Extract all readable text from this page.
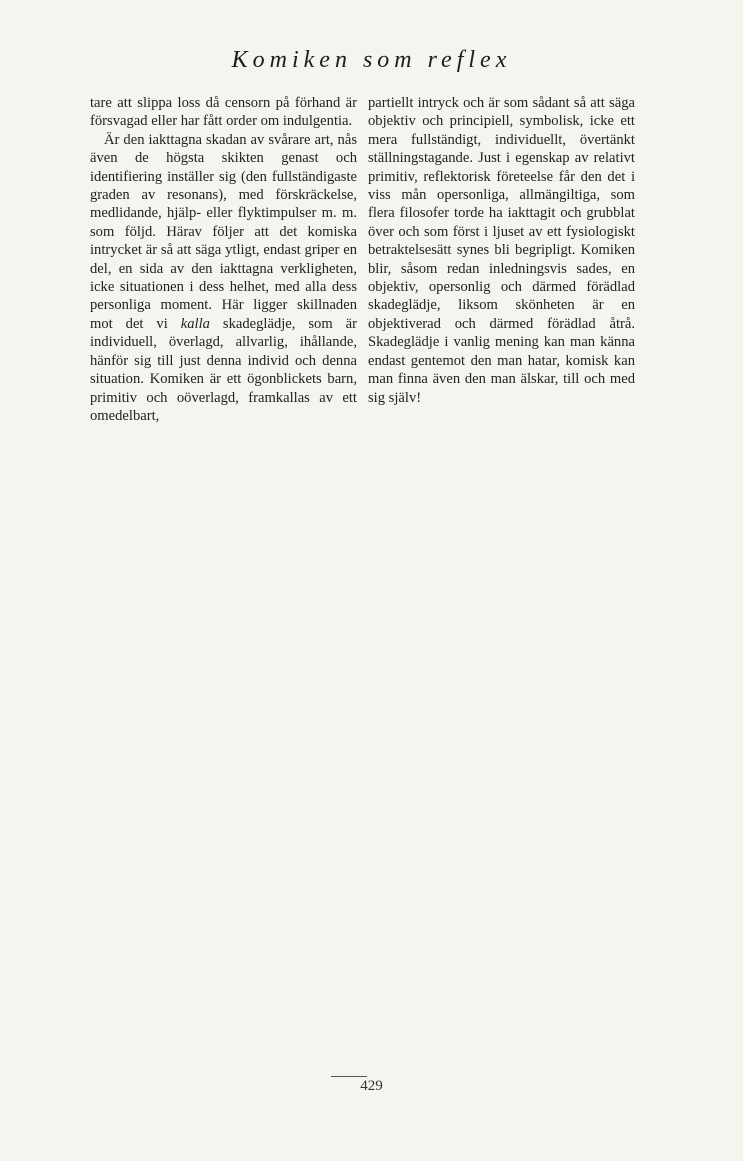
Komiken som reflex

tare att slippa loss då censorn på förhand är försvagad eller har fått order om indulgentia.

Är den iakttagna skadan av svårare art, nås även de högsta skikten genast och identifiering inställer sig (den fullständigaste graden av resonans), med förskräckelse, medlidande, hjälp- eller flyktimpulser m. m. som följd. Härav följer att det komiska intrycket är så att säga ytligt, endast griper en del, en sida av den iakttagna verkligheten, icke situationen i dess helhet, med alla dess personliga moment. Här ligger skillnaden mot det vi kalla skadeglädje, som är individuell, överlagd, allvarlig, ihållande, hänför sig till just denna individ och denna situation. Komiken är ett ögonblickets barn, primitiv och oöverlagd, framkallas av ett omedelbart,

partiellt intryck och är som sådant så att säga objektiv och principiell, symbolisk, icke ett mera fullständigt, individuellt, övertänkt ställningstagande. Just i egenskap av relativt primitiv, reflektorisk företeelse får den det i viss mån opersonliga, allmängiltiga, som flera filosofer torde ha iakttagit och grubblat över och som först i ljuset av ett fysiologiskt betraktelsesätt synes bli begripligt. Komiken blir, såsom redan inledningsvis sades, en objektiv, opersonlig och därmed förädlad skadeglädje, liksom skönheten är en objektiverad och därmed förädlad åtrå. Skadeglädje i vanlig mening kan man känna endast gentemot den man hatar, komisk kan man finna även den man älskar, till och med sig själv!

429
